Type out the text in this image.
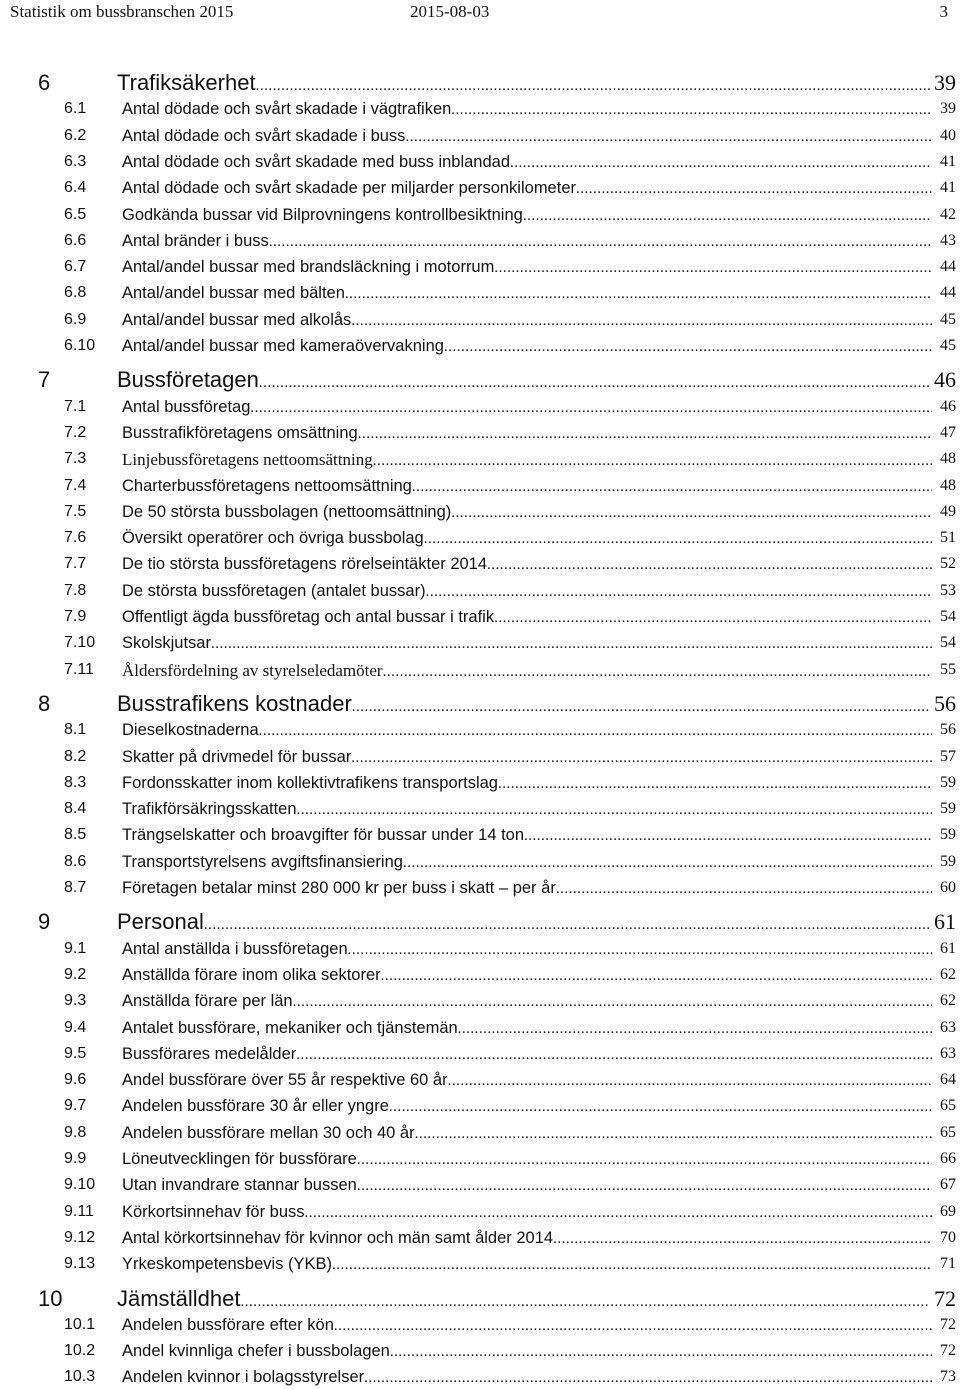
Statistik om bussbranschen 2015	2015-08-03	3
6	Trafiksäkerhet .....	39
6.1 Antal dödade och svårt skadade i vägtrafiken .....	39
6.2 Antal dödade och svårt skadade i buss .....	40
6.3 Antal dödade och svårt skadade med buss inblandad .....	41
6.4 Antal dödade och svårt skadade per miljarder personkilometer .....	41
6.5 Godkända bussar vid Bilprovningens kontrollbesiktning .....	42
6.6 Antal bränder i buss .....	43
6.7 Antal/andel bussar med brandsläckning i motorrum .....	44
6.8 Antal/andel bussar med bälten .....	44
6.9 Antal/andel bussar med alkolås .....	45
6.10 Antal/andel bussar med kameraövervakning .....	45
7	Bussföretagen .....	46
7.1 Antal bussföretag .....	46
7.2 Busstrafikföretagens omsättning .....	47
7.3 Linjebussföretagens nettoomsättning .....	48
7.4 Charterbussföretagens nettoomsättning .....	48
7.5 De 50 största bussbolagen (nettoomsättning) .....	49
7.6 Översikt operatörer och övriga bussbolag .....	51
7.7 De tio största bussföretagens rörelseintäkter 2014 .....	52
7.8 De största bussföretagen (antalet bussar) .....	53
7.9 Offentligt ägda bussföretag och antal bussar i trafik .....	54
7.10 Skolskjutsar .....	54
7.11 Åldersfördelning av styrelseledamöter .....	55
8	Busstrafikens kostnader .....	56
8.1 Dieselkostnaderna .....	56
8.2 Skatter på drivmedel för bussar .....	57
8.3 Fordonsskatter inom kollektivtrafikens transportslag .....	59
8.4 Trafikförsäkringsskatten .....	59
8.5 Trängselskatter och broavgifter för bussar under 14 ton .....	59
8.6 Transportstyrelsens avgiftsfinansiering .....	59
8.7 Företagen betalar minst 280 000 kr per buss i skatt – per år .....	60
9	Personal .....	61
9.1 Antal anställda i bussföretagen .....	61
9.2 Anställda förare inom olika sektorer .....	62
9.3 Anställda förare per län .....	62
9.4 Antalet bussförare, mekaniker och tjänstemän .....	63
9.5 Bussförares medelålder .....	63
9.6 Andel bussförare över 55 år respektive 60 år .....	64
9.7 Andelen bussförare 30 år eller yngre .....	65
9.8 Andelen bussförare mellan 30 och 40 år .....	65
9.9 Löneutvecklingen för bussförare .....	66
9.10 Utan invandrare stannar bussen .....	67
9.11 Körkortsinnehav för buss .....	69
9.12 Antal körkortsinnehav för kvinnor och män samt ålder 2014 .....	70
9.13 Yrkeskompetensbevis (YKB) .....	71
10 Jämställdhet .....	72
10.1 Andelen bussförare efter kön .....	72
10.2 Andel kvinnliga chefer i bussbolagen .....	72
10.3 Andelen kvinnor i bolagsstyrelser .....	73
